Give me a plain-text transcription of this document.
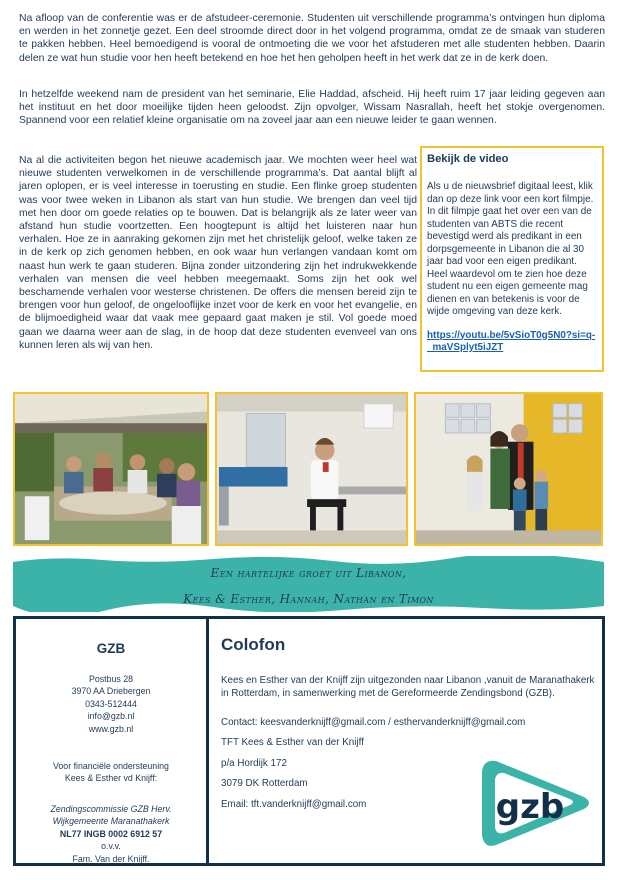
Na afloop van de conferentie was er de afstudeer-ceremonie. Studenten uit verschillende programma’s ontvingen hun diploma en werden in het zonnetje gezet. Een deel stroomde direct door in het volgend programma, omdat ze de smaak van studeren te pakken hebben. Heel bemoedigend is vooral de ontmoeting die we voor het afstuderen met alle studenten hebben. Daarin delen ze wat hun studie voor hen heeft betekend en hoe het hen geholpen heeft in het werk dat ze in de kerk doen.

In hetzelfde weekend nam de president van het seminarie, Elie Haddad, afscheid. Hij heeft ruim 17 jaar leiding gegeven aan het instituut en het door moeilijke tijden heen geloodst. Zijn opvolger, Wissam Nasrallah, heeft het stokje overgenomen. Spannend voor een relatief kleine organisatie om na zoveel jaar aan een nieuwe leider te gaan wennen.

Na al die activiteiten begon het nieuwe academisch jaar. We mochten weer heel wat nieuwe studenten verwelkomen in de verschillende programma’s. Dat aantal blijft al jaren oplopen, er is veel interesse in toerusting en studie. Een flinke groep studenten was voor twee weken in Libanon als start van hun studie. We brengen dan veel tijd met hen door om goede relaties op te bouwen. Dat is belangrijk als ze later weer van afstand hun studie voortzetten. Een hoogtepunt is altijd het luisteren naar hun verhalen. Hoe ze in aanraking gekomen zijn met het christelijk geloof, welke taken ze in de kerk op zich genomen hebben, en ook waar hun verlangen vandaan komt om naast hun werk te gaan studeren. Bijna zonder uitzondering zijn het indrukwekkende verhalen van mensen die veel hebben meegemaakt. Soms zijn het ook wel beschamende verhalen voor westerse christenen. De offers die mensen bereid zijn te brengen voor hun geloof, de ongelooflijke inzet voor de kerk en voor het evangelie, en de blijmoedigheid waar dat vaak mee gepaard gaat maken je stil. Vol goede moed gaan we daarna weer aan de slag, in de hoop dat deze studenten evenveel van ons kunnen leren als wij van hen.

Bekijk de video
Als u de nieuwsbrief digitaal leest, klik dan op deze link voor een kort filmpje. In dit filmpje gaat het over een van de studenten van ABTS die recent bevestigd werd als predikant in een dorpsgemeente in Libanon die al 30 jaar bad voor een eigen predikant. Heel waardevol om te zien hoe deze student nu een eigen gemeente mag dienen en van betekenis is voor de wijde omgeving van deze kerk.
https://youtu.be/5vSioT0g5N0?si=q-_maVSplyt5iJZT
Een hartelijke groet uit Libanon,
Kees & Esther, Hannah, Nathan en Timon
GZB
Postbus 28
3970 AA Driebergen
0343-512444
info@gzb.nl
www.gzb.nl
Voor financiële ondersteuning
Kees & Esther vd Knijff:
Zendingscommissie GZB Herv.
Wijkgemeente Maranathakerk
NL77 INGB 0002 6912 57
o.v.v.
Fam. Van der Knijff.
Colofon
Kees en Esther van der Knijff zijn uitgezonden naar Libanon ,vanuit de Maranathakerk in Rotterdam, in samenwerking met de Gereformeerde Zendingsbond (GZB).
Contact: keesvanderknijff@gmail.com / esthervanderknijff@gmail.com
TFT Kees & Esther van der Knijff
p/a Hordijk 172
3079 DK Rotterdam
Email: tft.vanderknijff@gmail.com	gzb
